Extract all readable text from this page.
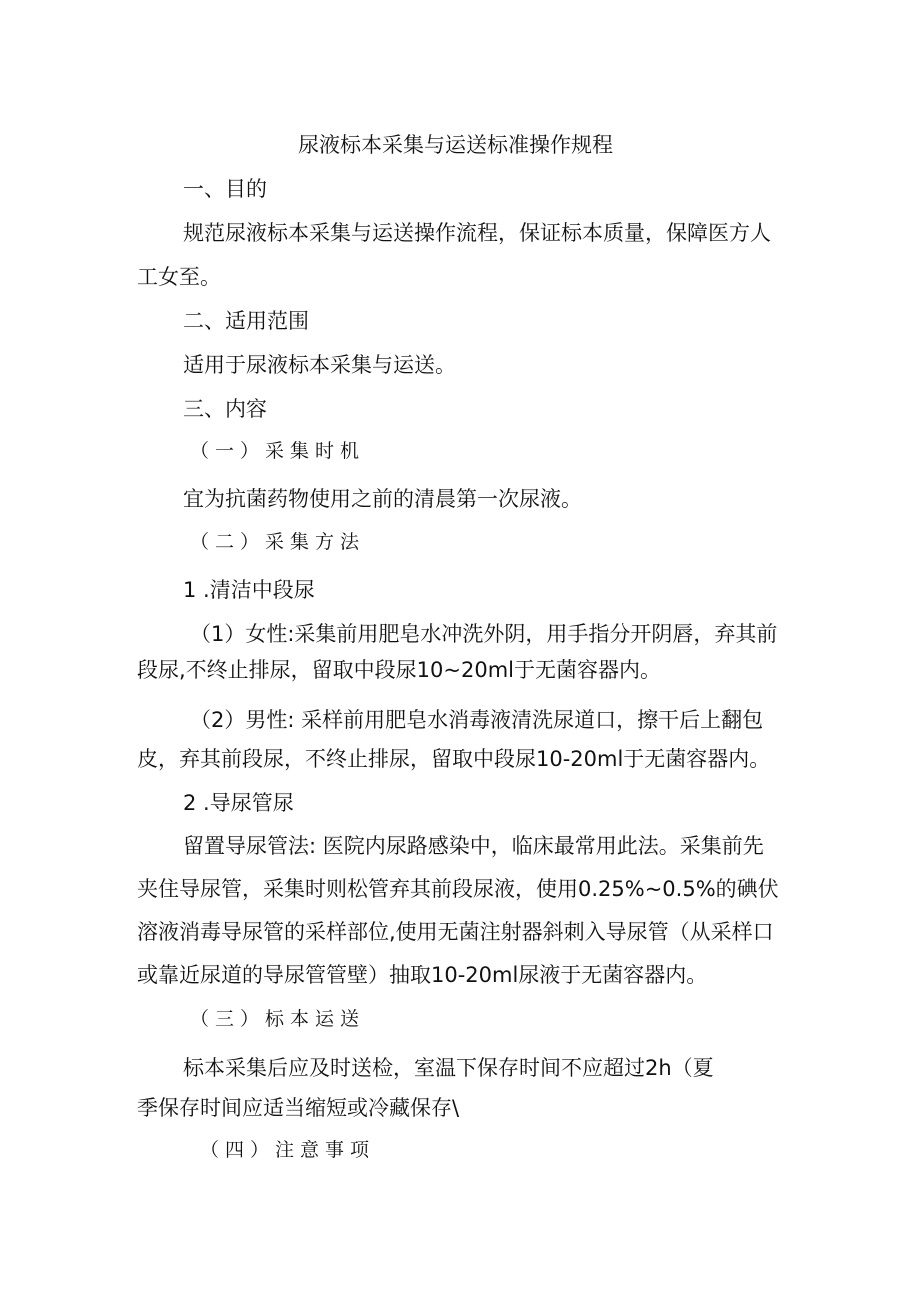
尿液标本采集与运送标准操作规程

一、目的

规范尿液标本采集与运送操作流程，保证标本质量，保障医方人

工女至。

二、适用范围

适用于尿液标本采集与运送。

三、内容

（一）采集时机

宜为抗菌药物使用之前的清晨第一次尿液。

（二）采集方法

1 .清洁中段尿

（1）女性:采集前用肥皂水冲洗外阴，用手指分开阴唇，弃其前

段尿,不终止排尿，留取中段尿10~20ml于无菌容器内。

（2）男性: 采样前用肥皂水消毒液清洗尿道口，擦干后上翻包

皮，弃其前段尿，不终止排尿，留取中段尿10-20ml于无菌容器内。

2 .导尿管尿

留置导尿管法: 医院内尿路感染中，临床最常用此法。采集前先

夹住导尿管，采集时则松管弃其前段尿液，使用0.25%~0.5%的碘伏

溶液消毒导尿管的采样部位,使用无菌注射器斜刺入导尿管（从采样口

或靠近尿道的导尿管管壁）抽取10-20ml尿液于无菌容器内。

（三）标本运送

标本采集后应及时送检，室温下保存时间不应超过2h（夏

季保存时间应适当缩短或冷藏保存\

（四）注意事项
